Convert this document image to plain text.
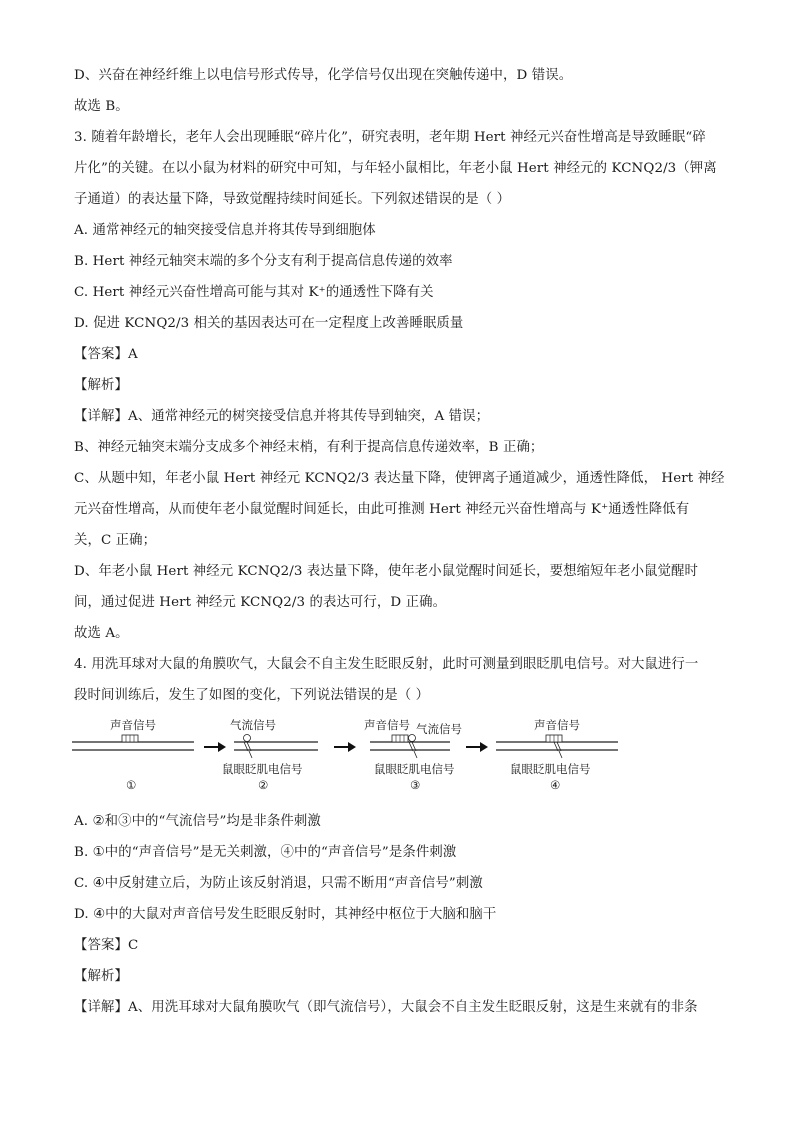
D、兴奋在神经纤维上以电信号形式传导，化学信号仅出现在突触传递中，D 错误。
故选 B。
3. 随着年龄增长，老年人会出现睡眠“碎片化”，研究表明，老年期 Hert 神经元兴奋性增高是导致睡眠“碎
片化”的关键。在以小鼠为材料的研究中可知，与年轻小鼠相比，年老小鼠 Hert 神经元的 KCNQ2/3（钾离
子通道）的表达量下降，导致觉醒持续时间延长。下列叙述错误的是（ ）
A. 通常神经元的轴突接受信息并将其传导到细胞体
B. Hert 神经元轴突末端的多个分支有利于提高信息传递的效率
C. Hert 神经元兴奋性增高可能与其对 K⁺的通透性下降有关
D. 促进 KCNQ2/3 相关的基因表达可在一定程度上改善睡眠质量
【答案】A
【解析】
【详解】A、通常神经元的树突接受信息并将其传导到轴突，A 错误；
B、神经元轴突末端分支成多个神经末梢，有利于提高信息传递效率，B 正确；
C、从题中知，年老小鼠 Hert 神经元 KCNQ2/3 表达量下降，使钾离子通道减少，通透性降低， Hert 神经
元兴奋性增高，从而使年老小鼠觉醒时间延长，由此可推测 Hert 神经元兴奋性增高与 K⁺通透性降低有
关，C 正确；
D、年老小鼠 Hert 神经元 KCNQ2/3 表达量下降，使年老小鼠觉醒时间延长，要想缩短年老小鼠觉醒时
间，通过促进 Hert 神经元 KCNQ2/3 的表达可行，D 正确。
故选 A。
4. 用洗耳球对大鼠的角膜吹气，大鼠会不自主发生眨眼反射，此时可测量到眼眨肌电信号。对大鼠进行一
段时间训练后，发生了如图的变化，下列说法错误的是（ ）
声音信号	气流信号
鼠眼眨肌电信号
①	②
声音信号 气流信号
鼠眼眨肌电信号
③
声音信号
鼠眼眨肌电信号
④
A. ②和③中的“气流信号”均是非条件刺激
B. ①中的“声音信号”是无关刺激，④中的“声音信号”是条件刺激
C. ④中反射建立后，为防止该反射消退，只需不断用“声音信号”刺激
D. ④中的大鼠对声音信号发生眨眼反射时，其神经中枢位于大脑和脑干
【答案】C
【解析】
【详解】A、用洗耳球对大鼠角膜吹气（即气流信号），大鼠会不自主发生眨眼反射，这是生来就有的非条
